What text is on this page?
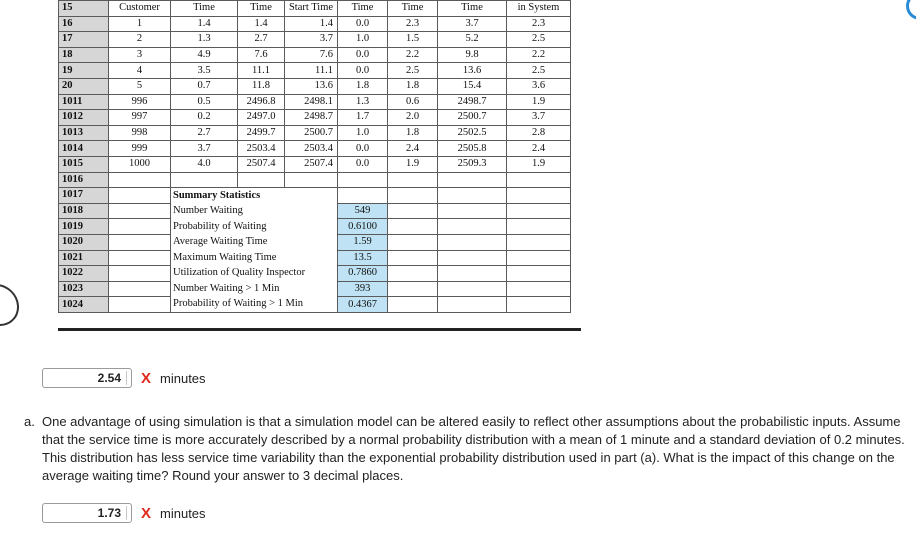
15	Customer	Time	Time	Start Time	Time	Time	Time	in System
16	1	1.4	1.4	1.4	0.0	2.3	3.7	2.3
17	2	1.3	2.7	3.7	1.0	1.5	5.2	2.5
18	3	4.9	7.6	7.6	0.0	2.2	9.8	2.2
19	4	3.5	11.1	11.1	0.0	2.5	13.6	2.5
20	5	0.7	11.8	13.6	1.8	1.8	15.4	3.6
1011	996	0.5	2496.8	2498.1	1.3	0.6	2498.7	1.9
1012	997	0.2	2497.0	2498.7	1.7	2.0	2500.7	3.7
1013	998	2.7	2499.7	2500.7	1.0	1.8	2502.5	2.8
1014	999	3.7	2503.4	2503.4	0.0	2.4	2505.8	2.4
1015	1000	4.0	2507.4	2507.4	0.0	1.9	2509.3	1.9
1016								
1017		Summary Statistics						
1018		Number Waiting			549			
1019		Probability of Waiting			0.6100			
1020		Average Waiting Time			1.59			
1021		Maximum Waiting Time			13.5			
1022		Utilization of Quality Inspector			0.7860			
1023		Number Waiting > 1 Min			393			
1024		Probability of Waiting > 1 Min			0.4367			
2.54	X minutes
a. One advantage of using simulation is that a simulation model can be altered easily to reflect other assumptions about the probabilistic inputs. Assume that the service time is more accurately described by a normal probability distribution with a mean of 1 minute and a standard deviation of 0.2 minutes. This distribution has less service time variability than the exponential probability distribution used in part (a). What is the impact of this change on the average waiting time? Round your answer to 3 decimal places.
1.73	X minutes
